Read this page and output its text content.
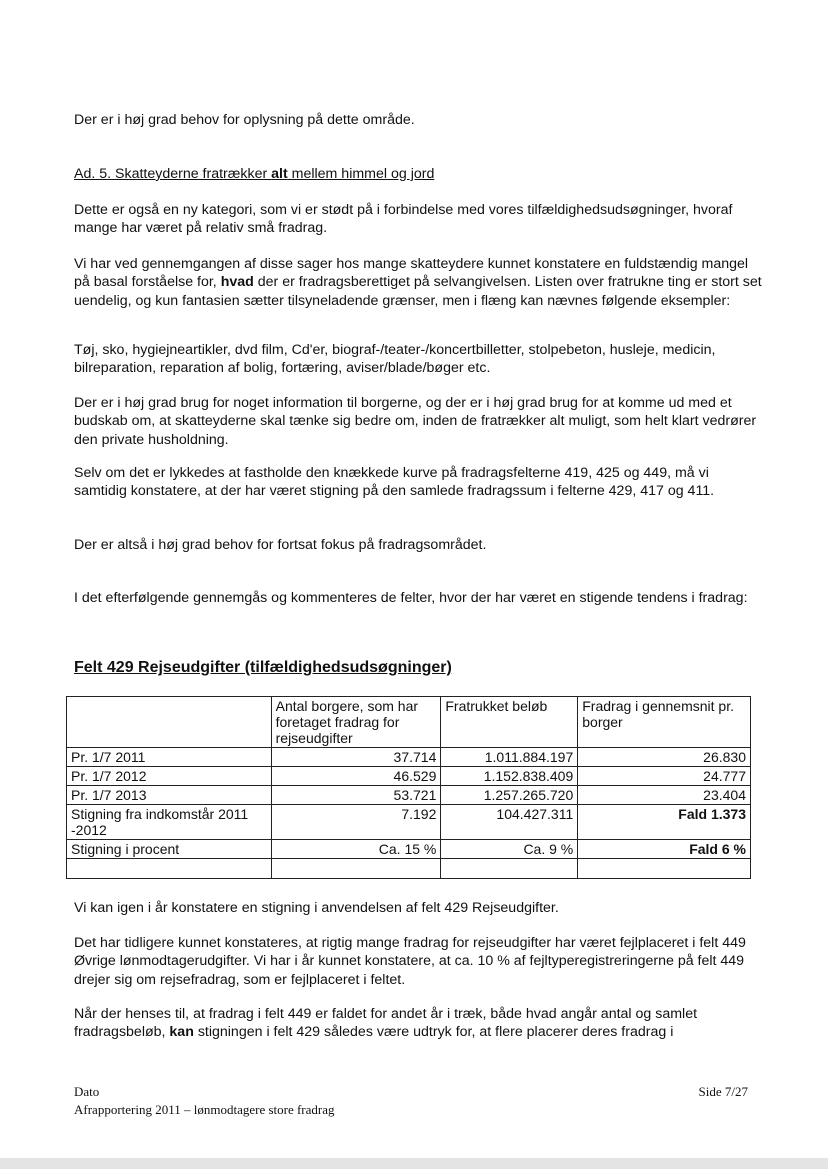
Der er i høj grad behov for oplysning på dette område.

Ad. 5. Skatteyderne fratrækker alt mellem himmel og jord

Dette er også en ny kategori, som vi er stødt på i forbindelse med vores tilfældighedsudsøgninger, hvoraf mange har været på relativ små fradrag.

Vi har ved gennemgangen af disse sager hos mange skatteydere kunnet konstatere en fuldstændig mangel på basal forståelse for, hvad der er fradragsberettiget på selvangivelsen. Listen over fratrukne ting er stort set uendelig, og kun fantasien sætter tilsyneladende grænser, men i flæng kan nævnes følgende eksempler:

Tøj, sko, hygiejneartikler, dvd film, Cd'er, biograf-/teater-/koncertbilletter, stolpebeton, husleje, medicin, bilreparation, reparation af bolig, fortæring, aviser/blade/bøger etc.

Der er i høj grad brug for noget information til borgerne, og der er i høj grad brug for at komme ud med et budskab om, at skatteyderne skal tænke sig bedre om, inden de fratrækker alt muligt, som helt klart vedrører den private husholdning.

Selv om det er lykkedes at fastholde den knækkede kurve på fradragsfelterne 419, 425 og 449, må vi samtidig konstatere, at der har været stigning på den samlede fradragssum i felterne 429, 417 og 411.

Der er altså i høj grad behov for fortsat fokus på fradragsområdet.

I det efterfølgende gennemgås og kommenteres de felter, hvor der har været en stigende tendens i fradrag:

Felt 429 Rejseudgifter (tilfældighedsudsøgninger)
	Antal borgere, som har foretaget fradrag for rejseudgifter	Fratrukket beløb	Fradrag i gennemsnit pr. borger
Pr. 1/7 2011	37.714	1.011.884.197	26.830
Pr. 1/7 2012	46.529	1.152.838.409	24.777
Pr. 1/7 2013	53.721	1.257.265.720	23.404
Stigning fra indkomstår 2011 -2012	7.192	104.427.311	Fald 1.373
Stigning i procent	Ca. 15 %	Ca. 9 %	Fald 6 %

Vi kan igen i år konstatere en stigning i anvendelsen af felt 429 Rejseudgifter.

Det har tidligere kunnet konstateres, at rigtig mange fradrag for rejseudgifter har været fejlplaceret i felt 449 Øvrige lønmodtagerudgifter. Vi har i år kunnet konstatere, at ca. 10 % af fejltyperegistreringerne på felt 449 drejer sig om rejsefradrag, som er fejlplaceret i feltet.

Når der henses til, at fradrag i felt 449 er faldet for andet år i træk, både hvad angår antal og samlet fradragsbeløb, kan stigningen i felt 429 således være udtryk for, at flere placerer deres fradrag i

Dato
Afrapportering 2011 – lønmodtagere store fradrag
Side 7/27
